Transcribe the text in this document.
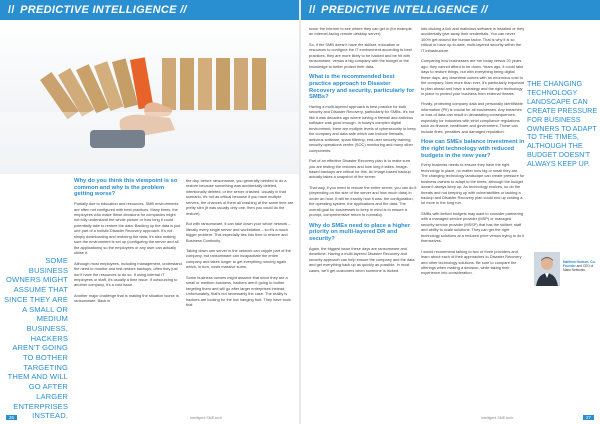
// PREDICTIVE INTELLIGENCE //
SOME BUSINESS OWNERS MIGHT ASSUME THAT SINCE THEY ARE A SMALL OR MEDIUM BUSINESS, HACKERS AREN'T GOING TO BOTHER TARGETING THEM AND WILL GO AFTER LARGER ENTERPRISES INSTEAD.
Why do you think this viewpoint is so common and why is the problem getting worse?

Partially due to education and resources, SMB environments are often not configured with best practices. Many times, the employees who make these decisions for companies might not fully understand the whole picture or how long it could potentially take to restore the data. Backing up the data is just one part of a holistic Disaster Recovery approach. It's not simply downloading and restoring the data; it's also making sure the environment is set up (configuring the server and all the applications) so the employees or any user can actually utilise it.

Although most employees, including management, understand the need to monitor and test restore backups, often they just don't have the resources to do so. If using internal IT employees or staff, it's usually a time issue. If outsourcing to another company, it's a cost issue.

Another major challenge that is making the situation worse is ransomware. Back in

the day, before ransomware, you generally needed to do a restore because something was accidentally deleted, intentionally deleted, or the server crashed. Usually in that scenario, it's not as critical because if you have multiple servers, the chances of them all crashing at the same time are pretty slim (it was usually only one, then you could do the restore).

But with ransomware, it can take down your whole network – literally every single server and workstation – so it's a much bigger problem. This especially ties into time to restore and Business Continuity.

Taking down one server in the network can cripple part of the company, but ransomware can incapacitate the entire company and takes longer to get everything running again which, in turn, costs massive sums.

Some business owners might assume that since they are a small or medium business, hackers aren't going to bother targeting them and will go after larger enterprises instead. Unfortunately, that's not necessarily the case. The reality is hackers are looking for the low hanging fruit. They have tools that

26	Intelligent SME.tech
// PREDICTIVE INTELLIGENCE //

scour the Internet to see where they can get in (for example, an Internet-facing remote desktop server).

So, if the SMB doesn't have the skillset, education or resources to configure the IT environment according to best practices, they are more likely to be hacked and be hit with ransomware, versus a big company with the budget or the knowledge to better protect their data.

What is the recommended best practice approach to Disaster Recovery and security, particularly for SMBs?

Having a multi-layered approach is best practice for both security and Disaster Recovery, particularly for SMBs. It's not like it was decades ago where having a firewall and antivirus software was good enough. In today's complex digital environment, there are multiple levels of cybersecurity to keep the company and data safe which can include firewalls, antivirus software, spam filtering, end-user security training, security operations centre (SOC) monitoring and many other components.

Part of an effective Disaster Recovery plan is to make sure you are testing the restores and how long it takes. Image-based backups are critical for this. An image-based backup actually takes a snapshot of the server.

That way, if you need to restore the entire server, you can do it (depending on the size of the server and how much data) in under an hour. It will be exactly how it was: the configuration, the operating system, the applications and the data. The overall goal for businesses to keep in mind is to ensure a prompt, comprehensive return to normalcy.

Why do SMEs need to place a higher priority on multi-layered DR and security?

Again, the biggest issue these days are ransomware and downtime. Having a multi-layered Disaster Recovery and security approach can help ensure the company and the data and get everything back up as quickly as possible. In most cases, we'll get customers when someone is tricked

into clicking a link and malicious software is installed or they accidentally give away their credentials. You can never 100% get around the human factor. That is why it is so critical to have up-to-date, multi-layered security within the IT infrastructure.

Comparing how businesses are run today versus 20 years ago, they cannot afford to be down. Years ago, it could take days to restore things, but with everything being digital these days, any downtime comes with an enormous cost to the company. Now more than ever, it's particularly important to plan ahead and have a strategy and the right technology in place to protect your business from external threats.

Finally, protecting company data and personally identifiable information (PII) is crucial for all businesses. Any breaches or loss of data can result in devastating consequences, especially for industries with strict compliance regulations such as finance, healthcare and government. These can include fines, penalties and damaged reputation.

How can SMEs balance investment in the right technology with reduced budgets in the new year?

Every business needs to ensure they have the right technology in place, no matter how big or small they are. The changing technology landscape can create pressure for business owners to adapt to the times, although the budget doesn't always keep up. As technology evolves, so do the threats and not keeping up with vulnerabilities or lacking a backup and Disaster Recovery plan could end up costing a lot more in the long run.

SMBs with limited budgets may want to consider partnering with a managed service provider (MSP) or managed security service provider (MSSP) that has the skillset, staff and ability to scale solutions. They can get the right technology solutions at a reduced price versus trying to do it themselves.

I would recommend talking to two or three providers and learn about each of their approaches to Disaster Recovery and other technology solutions. Be sure to compare the offerings when making a decision, while taking their experience into consideration.

THE CHANGING TECHNOLOGY LANDSCAPE CAN CREATE PRESSURE FOR BUSINESS OWNERS TO ADAPT TO THE TIMES, ALTHOUGH THE BUDGET DOESN'T ALWAYS KEEP UP.
Matthew Hudson, Co-Founder and CEO of Mako Networks
Intelligent SME.tech	27
